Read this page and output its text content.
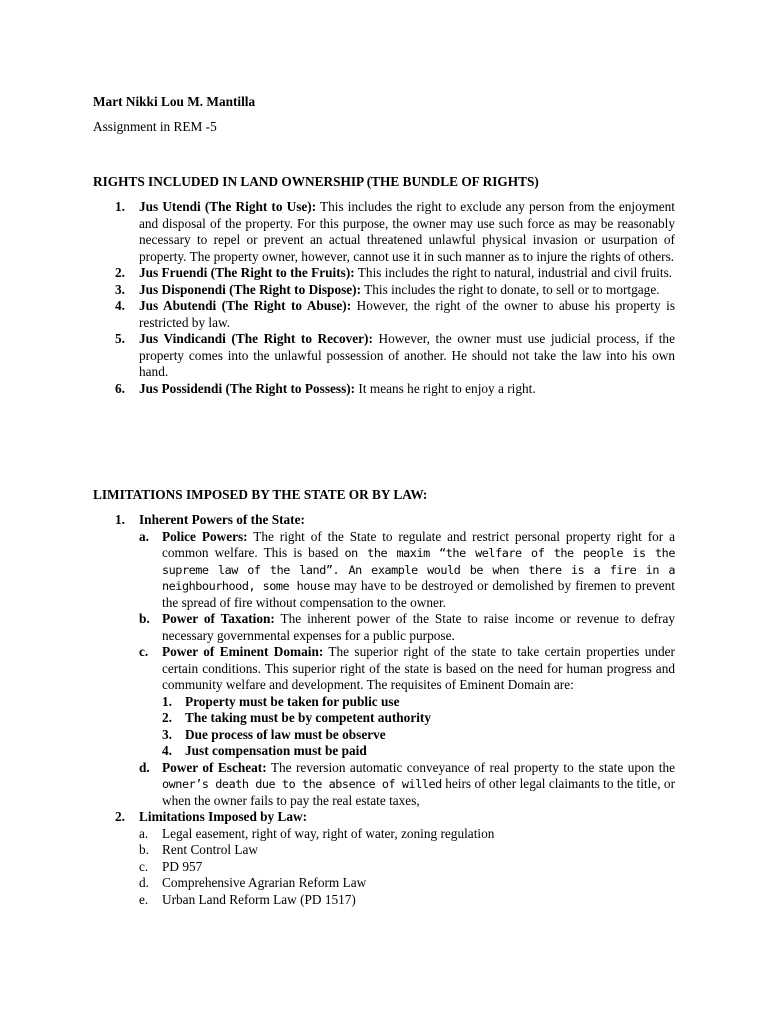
Mart Nikki Lou M. Mantilla
Assignment in REM -5
RIGHTS INCLUDED IN LAND OWNERSHIP (THE BUNDLE OF RIGHTS)
1. Jus Utendi (The Right to Use): This includes the right to exclude any person from the enjoyment and disposal of the property. For this purpose, the owner may use such force as may be reasonably necessary to repel or prevent an actual threatened unlawful physical invasion or usurpation of property. The property owner, however, cannot use it in such manner as to injure the rights of others.
2. Jus Fruendi (The Right to the Fruits): This includes the right to natural, industrial and civil fruits.
3. Jus Disponendi (The Right to Dispose): This includes the right to donate, to sell or to mortgage.
4. Jus Abutendi (The Right to Abuse): However, the right of the owner to abuse his property is restricted by law.
5. Jus Vindicandi (The Right to Recover): However, the owner must use judicial process, if the property comes into the unlawful possession of another. He should not take the law into his own hand.
6. Jus Possidendi (The Right to Possess): It means he right to enjoy a right.
LIMITATIONS IMPOSED BY THE STATE OR BY LAW:
1. Inherent Powers of the State:
a. Police Powers: The right of the State to regulate and restrict personal property right for a common welfare. This is based on the maxim “the welfare of the people is the supreme law of the land”. An example would be when there is a fire in a neighbourhood, some house may have to be destroyed or demolished by firemen to prevent the spread of fire without compensation to the owner.
b. Power of Taxation: The inherent power of the State to raise income or revenue to defray necessary governmental expenses for a public purpose.
c. Power of Eminent Domain: The superior right of the state to take certain properties under certain conditions. This superior right of the state is based on the need for human progress and community welfare and development. The requisites of Eminent Domain are:
1. Property must be taken for public use
2. The taking must be by competent authority
3. Due process of law must be observe
4. Just compensation must be paid
d. Power of Escheat: The reversion automatic conveyance of real property to the state upon the owner’s death due to the absence of willed heirs of other legal claimants to the title, or when the owner fails to pay the real estate taxes,
2. Limitations Imposed by Law:
a. Legal easement, right of way, right of water, zoning regulation
b. Rent Control Law
c. PD 957
d. Comprehensive Agrarian Reform Law
e. Urban Land Reform Law (PD 1517)
